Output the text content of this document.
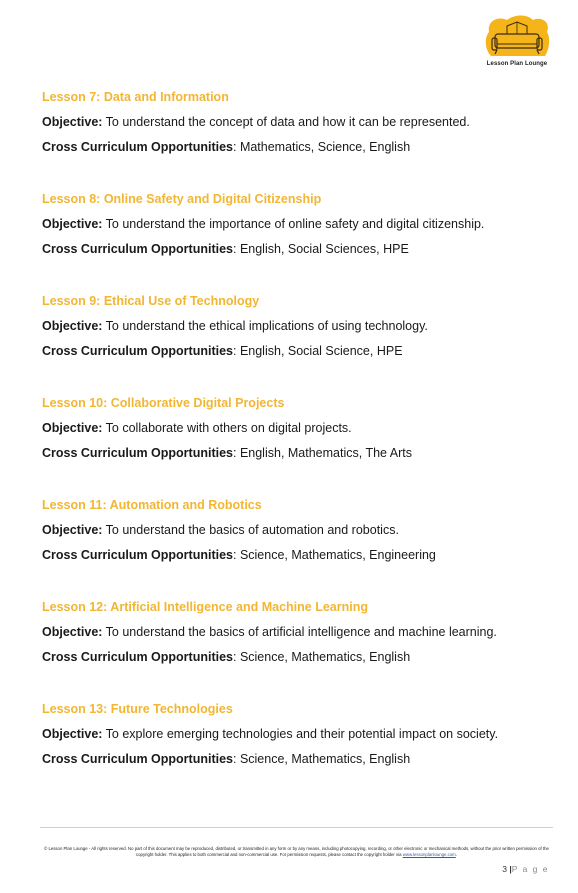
Lesson Plan Lounge
Lesson 7: Data and Information
Objective: To understand the concept of data and how it can be represented.
Cross Curriculum Opportunities: Mathematics, Science, English
Lesson 8: Online Safety and Digital Citizenship
Objective: To understand the importance of online safety and digital citizenship.
Cross Curriculum Opportunities: English, Social Sciences, HPE
Lesson 9: Ethical Use of Technology
Objective: To understand the ethical implications of using technology.
Cross Curriculum Opportunities: English, Social Science, HPE
Lesson 10: Collaborative Digital Projects
Objective: To collaborate with others on digital projects.
Cross Curriculum Opportunities: English, Mathematics, The Arts
Lesson 11: Automation and Robotics
Objective: To understand the basics of automation and robotics.
Cross Curriculum Opportunities: Science, Mathematics, Engineering
Lesson 12: Artificial Intelligence and Machine Learning
Objective: To understand the basics of artificial intelligence and machine learning.
Cross Curriculum Opportunities: Science, Mathematics, English
Lesson 13: Future Technologies
Objective: To explore emerging technologies and their potential impact on society.
Cross Curriculum Opportunities: Science, Mathematics, English
© Lesson Plan Lounge - All rights reserved. No part of this document may be reproduced, distributed, or transmitted in any form or by any means, including photocopying, recording, or other electronic or mechanical methods, without the prior written permission of the copyright holder. This applies to both commercial and non-commercial use. For permission requests, please contact the copyright holder via www.lessonplanlounge.com.
3 |P a g e
